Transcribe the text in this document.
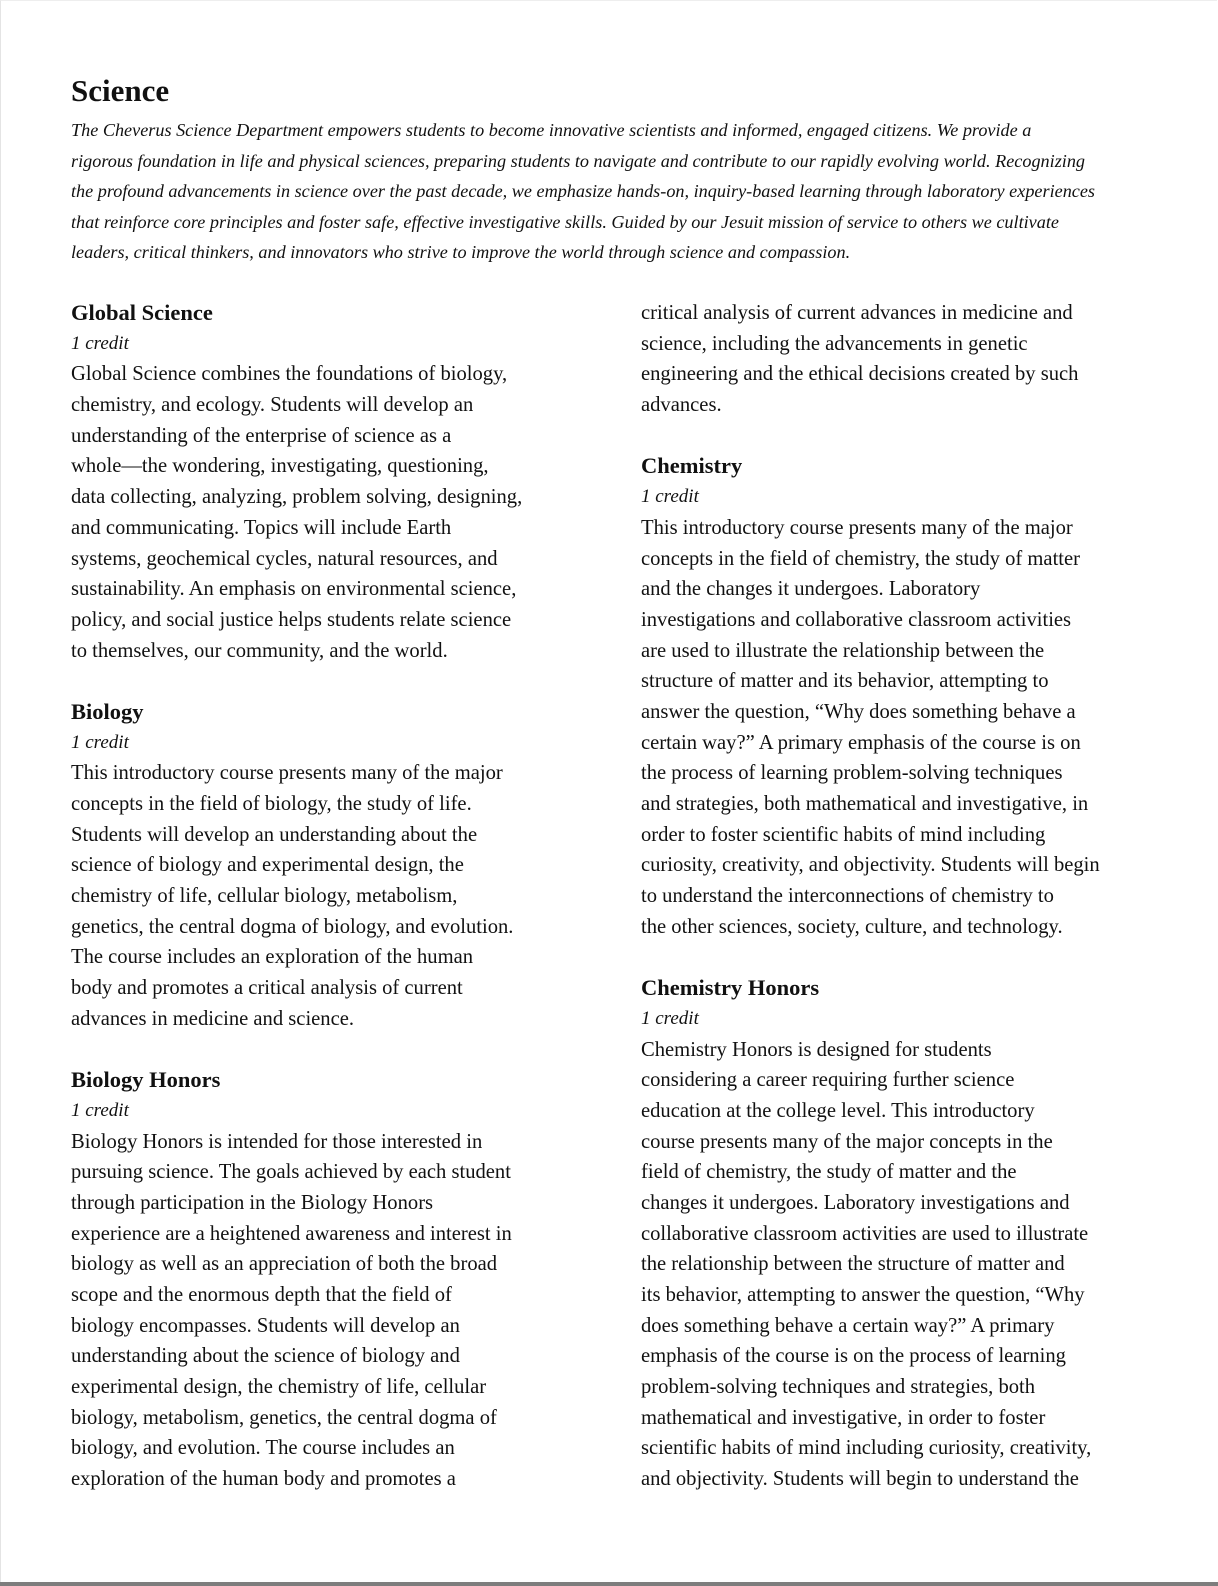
Science
The Cheverus Science Department empowers students to become innovative scientists and informed, engaged citizens. We provide a
rigorous foundation in life and physical sciences, preparing students to navigate and contribute to our rapidly evolving world. Recognizing
the profound advancements in science over the past decade, we emphasize hands-on, inquiry-based learning through laboratory experiences
that reinforce core principles and foster safe, effective investigative skills. Guided by our Jesuit mission of service to others we cultivate
leaders, critical thinkers, and innovators who strive to improve the world through science and compassion.
Global Science
1 credit
Global Science combines the foundations of biology,
chemistry, and ecology. Students will develop an
understanding of the enterprise of science as a
whole—the wondering, investigating, questioning,
data collecting, analyzing, problem solving, designing,
and communicating. Topics will include Earth
systems, geochemical cycles, natural resources, and
sustainability. An emphasis on environmental science,
policy, and social justice helps students relate science
to themselves, our community, and the world.
Biology
1 credit
This introductory course presents many of the major
concepts in the field of biology, the study of life.
Students will develop an understanding about the
science of biology and experimental design, the
chemistry of life, cellular biology, metabolism,
genetics, the central dogma of biology, and evolution.
The course includes an exploration of the human
body and promotes a critical analysis of current
advances in medicine and science.
Biology Honors
1 credit
Biology Honors is intended for those interested in
pursuing science. The goals achieved by each student
through participation in the Biology Honors
experience are a heightened awareness and interest in
biology as well as an appreciation of both the broad
scope and the enormous depth that the field of
biology encompasses. Students will develop an
understanding about the science of biology and
experimental design, the chemistry of life, cellular
biology, metabolism, genetics, the central dogma of
biology, and evolution. The course includes an
exploration of the human body and promotes a
critical analysis of current advances in medicine and
science, including the advancements in genetic
engineering and the ethical decisions created by such
advances.
Chemistry
1 credit
This introductory course presents many of the major
concepts in the field of chemistry, the study of matter
and the changes it undergoes. Laboratory
investigations and collaborative classroom activities
are used to illustrate the relationship between the
structure of matter and its behavior, attempting to
answer the question, “Why does something behave a
certain way?” A primary emphasis of the course is on
the process of learning problem-solving techniques
and strategies, both mathematical and investigative, in
order to foster scientific habits of mind including
curiosity, creativity, and objectivity. Students will begin
to understand the interconnections of chemistry to
the other sciences, society, culture, and technology.
Chemistry Honors
1 credit
Chemistry Honors is designed for students
considering a career requiring further science
education at the college level. This introductory
course presents many of the major concepts in the
field of chemistry, the study of matter and the
changes it undergoes. Laboratory investigations and
collaborative classroom activities are used to illustrate
the relationship between the structure of matter and
its behavior, attempting to answer the question, “Why
does something behave a certain way?” A primary
emphasis of the course is on the process of learning
problem-solving techniques and strategies, both
mathematical and investigative, in order to foster
scientific habits of mind including curiosity, creativity,
and objectivity. Students will begin to understand the
